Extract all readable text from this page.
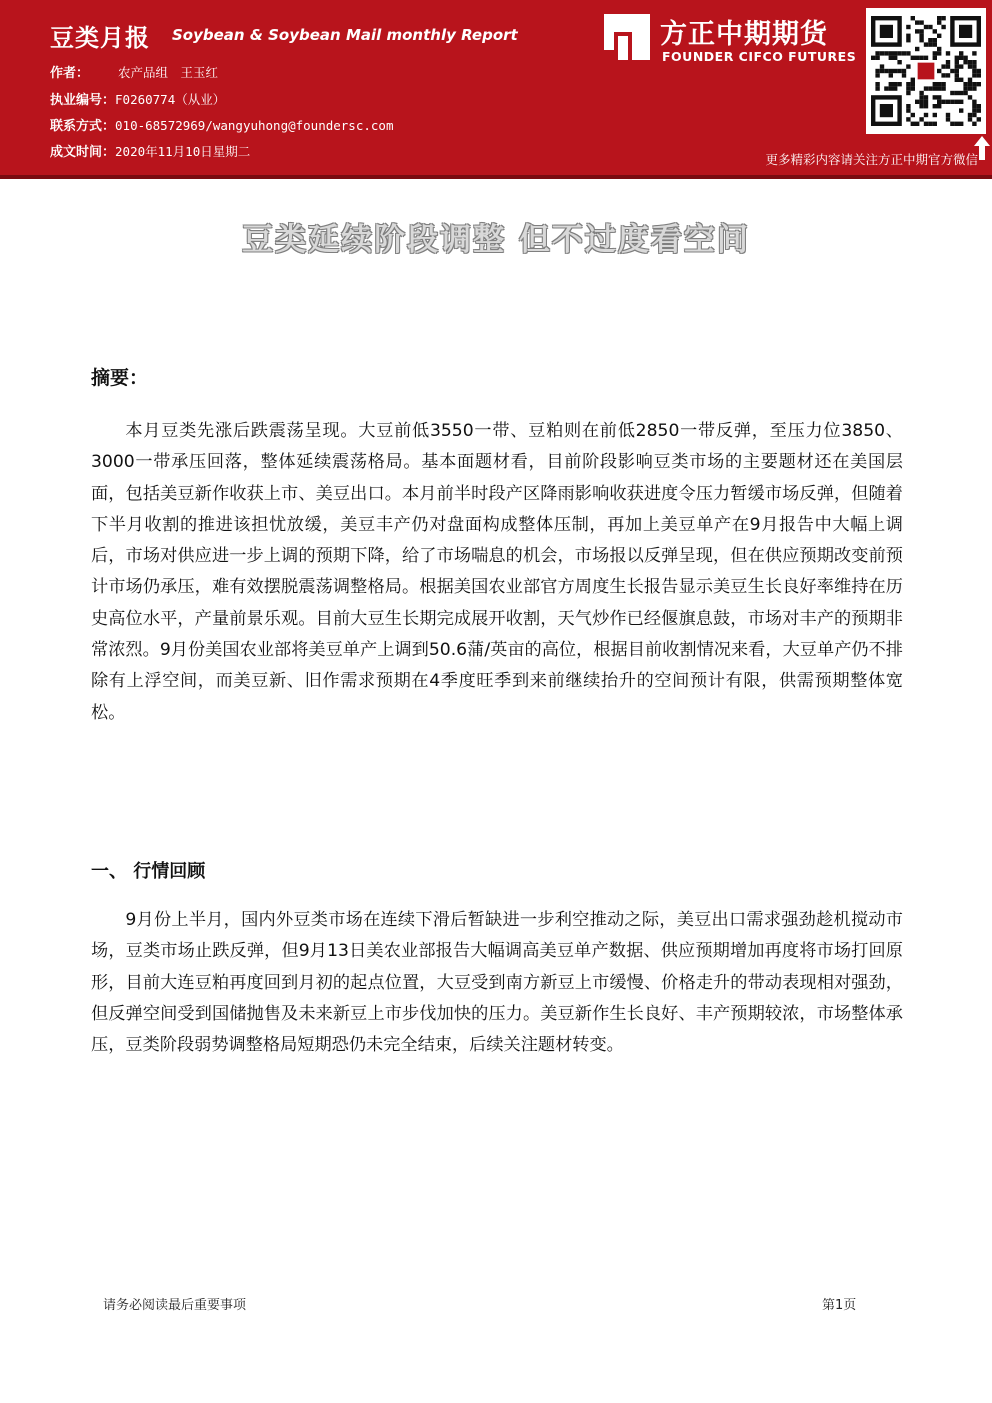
豆类月报 Soybean & Soybean Mail monthly Report
作者： 农产品组　王玉红
执业编号：F0260774（从业）
联系方式：010-68572969/wangyuhong@foundersc.com
成文时间：2020年11月10日星期二
方正中期期货
FOUNDER CIFCO FUTURES
更多精彩内容请关注方正中期官方微信
豆类延续阶段调整 但不过度看空间
摘要：
本月豆类先涨后跌震荡呈现。大豆前低3550一带、豆粕则在前低2850一带反弹，至压力位3850、3000一带承压回落，整体延续震荡格局。基本面题材看，目前阶段影响豆类市场的主要题材还在美国层面，包括美豆新作收获上市、美豆出口。本月前半时段产区降雨影响收获进度令压力暂缓市场反弹，但随着下半月收割的推进该担忧放缓，美豆丰产仍对盘面构成整体压制，再加上美豆单产在9月报告中大幅上调后，市场对供应进一步上调的预期下降，给了市场喘息的机会，市场报以反弹呈现，但在供应预期改变前预计市场仍承压，难有效摆脱震荡调整格局。根据美国农业部官方周度生长报告显示美豆生长良好率维持在历史高位水平，产量前景乐观。目前大豆生长期完成展开收割，天气炒作已经偃旗息鼓，市场对丰产的预期非常浓烈。9月份美国农业部将美豆单产上调到50.6蒲/英亩的高位，根据目前收割情况来看，大豆单产仍不排除有上浮空间，而美豆新、旧作需求预期在4季度旺季到来前继续抬升的空间预计有限，供需预期整体宽松。
一、 行情回顾
9月份上半月，国内外豆类市场在连续下滑后暂缺进一步利空推动之际，美豆出口需求强劲趁机搅动市场，豆类市场止跌反弹，但9月13日美农业部报告大幅调高美豆单产数据、供应预期增加再度将市场打回原形，目前大连豆粕再度回到月初的起点位置，大豆受到南方新豆上市缓慢、价格走升的带动表现相对强劲，但反弹空间受到国储抛售及未来新豆上市步伐加快的压力。美豆新作生长良好、丰产预期较浓，市场整体承压，豆类阶段弱势调整格局短期恐仍未完全结束，后续关注题材转变。
请务必阅读最后重要事项	第1页
